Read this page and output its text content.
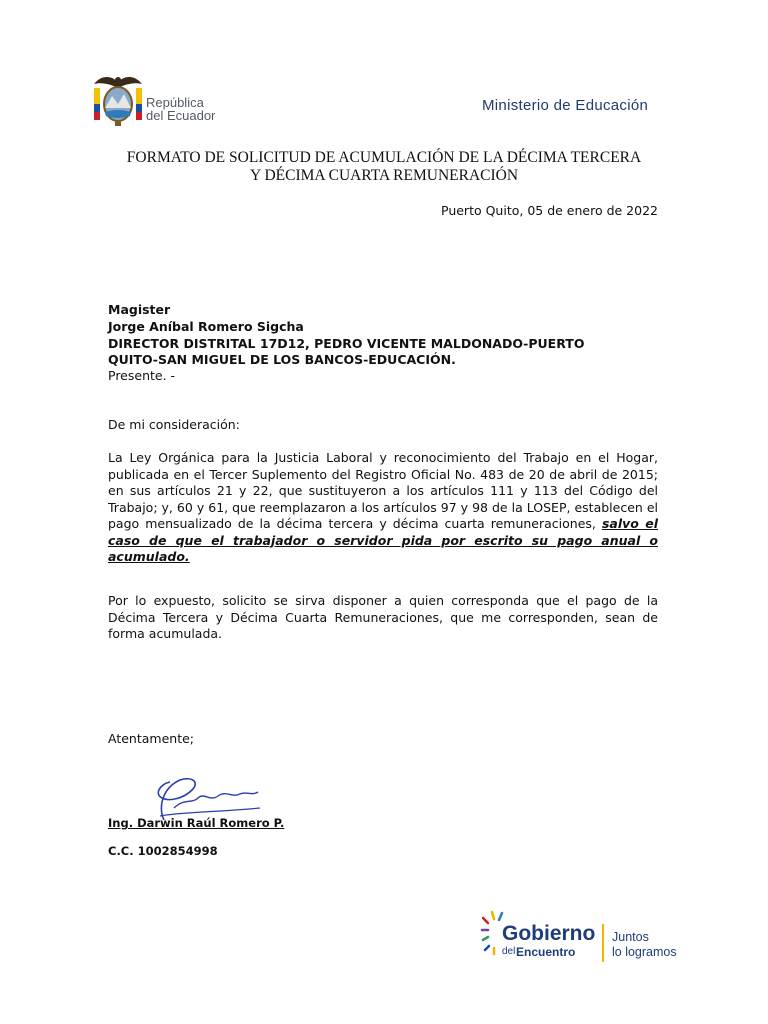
República
del Ecuador
Ministerio de Educación
FORMATO DE SOLICITUD DE ACUMULACIÓN DE LA DÉCIMA TERCERA
Y DÉCIMA CUARTA REMUNERACIÓN
Puerto Quito, 05 de enero de 2022
Magister
Jorge Aníbal Romero Sigcha
DIRECTOR DISTRITAL 17D12, PEDRO VICENTE MALDONADO-PUERTO
QUITO-SAN MIGUEL DE LOS BANCOS-EDUCACIÓN.
Presente. -
De mi consideración:
La Ley Orgánica para la Justicia Laboral y reconocimiento del Trabajo en el Hogar, publicada en el Tercer Suplemento del Registro Oficial No. 483 de 20 de abril de 2015; en sus artículos 21 y 22, que sustituyeron a los artículos 111 y 113 del Código del Trabajo; y, 60 y 61, que reemplazaron a los artículos 97 y 98 de la LOSEP, establecen el pago mensualizado de la décima tercera y décima cuarta remuneraciones, salvo el caso de que el trabajador o servidor pida por escrito su pago anual o acumulado.
Por lo expuesto, solicito se sirva disponer a quien corresponda que el pago de la Décima Tercera y Décima Cuarta Remuneraciones, que me corresponden, sean de forma acumulada.
Atentamente;
Ing. Darwin Raúl Romero P.
C.C. 1002854998
Gobierno
del Encuentro
Juntos
lo logramos
